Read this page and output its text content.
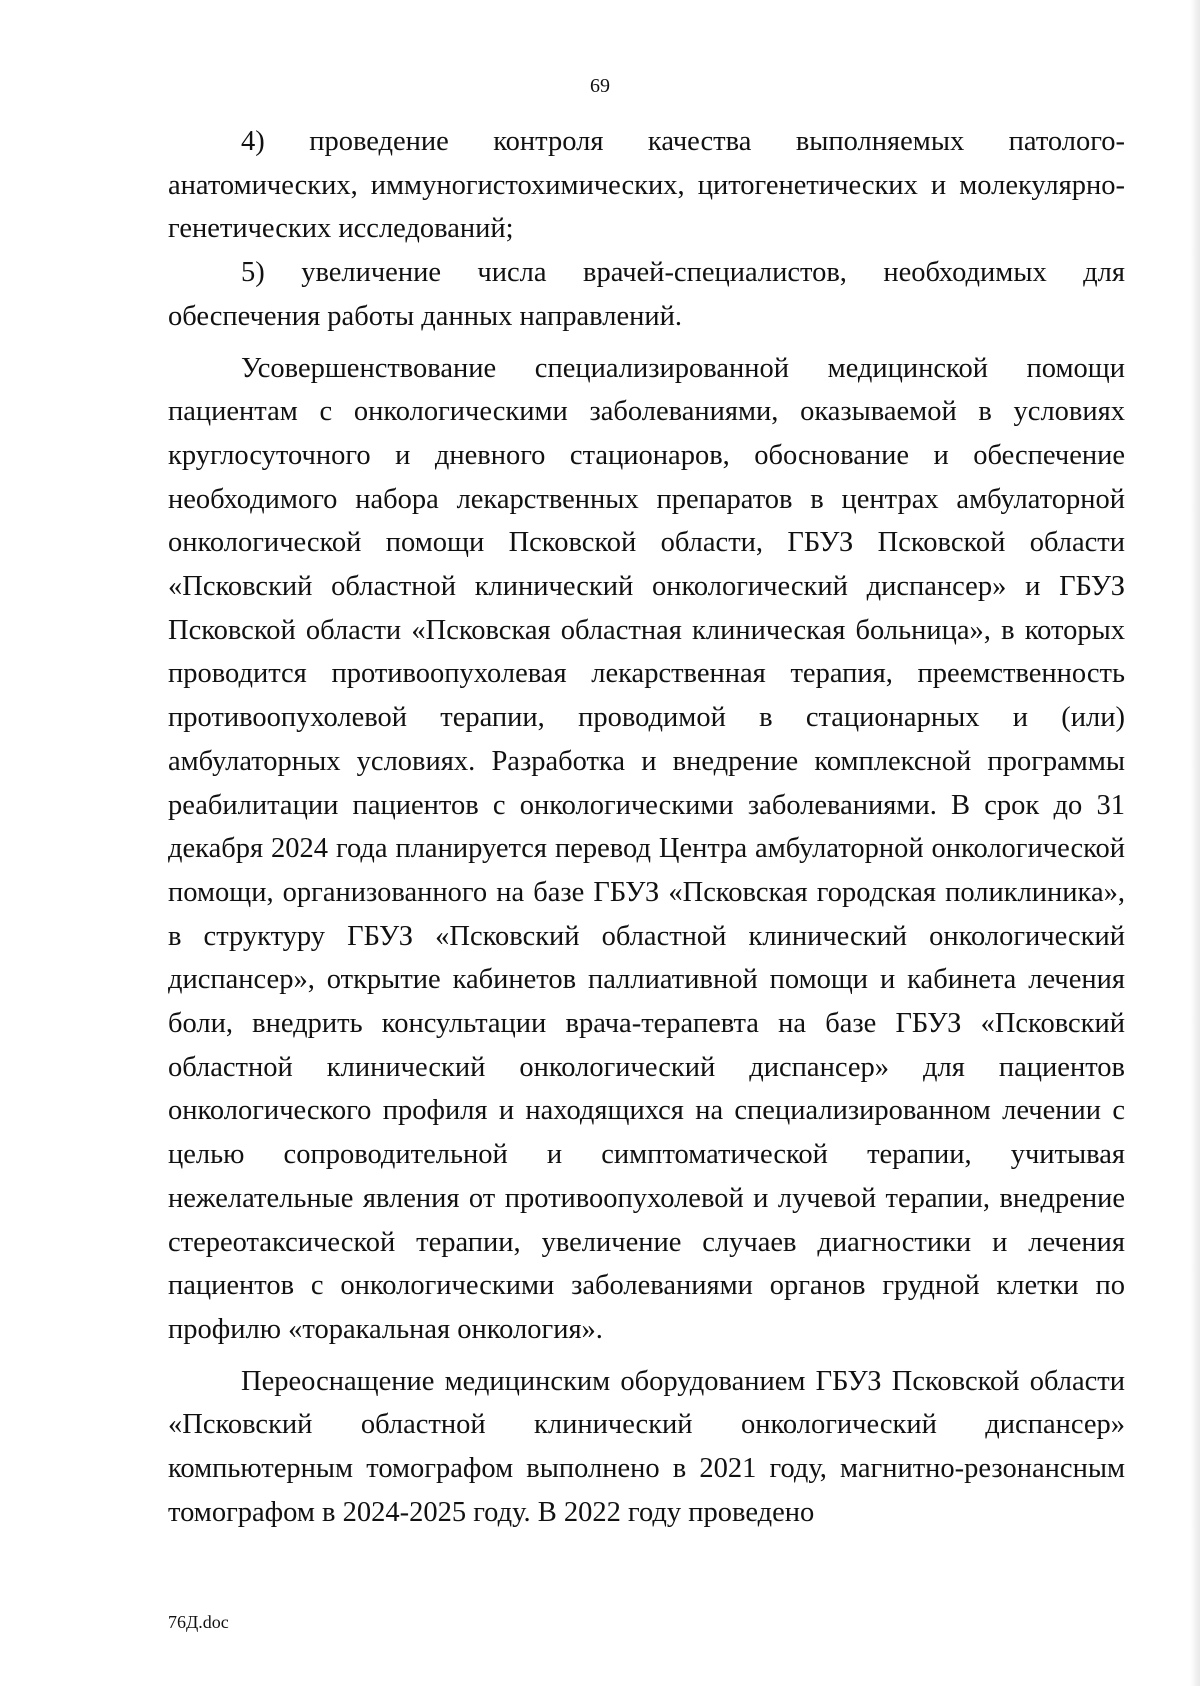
69

4) проведение контроля качества выполняемых патолого-анатомических, иммуногистохимических, цитогенетических и молекулярно-генетических исследований;

5) увеличение числа врачей-специалистов, необходимых для обеспечения работы данных направлений.

Усовершенствование специализированной медицинской помощи пациентам с онкологическими заболеваниями, оказываемой в условиях круглосуточного и дневного стационаров, обоснование и обеспечение необходимого набора лекарственных препаратов в центрах амбулаторной онкологической помощи Псковской области, ГБУЗ Псковской области «Псковский областной клинический онкологический диспансер» и ГБУЗ Псковской области «Псковская областная клиническая больница», в которых проводится противоопухолевая лекарственная терапия, преемственность противоопухолевой терапии, проводимой в стационарных и (или) амбулаторных условиях. Разработка и внедрение комплексной программы реабилитации пациентов с онкологическими заболеваниями. В срок до 31 декабря 2024 года планируется перевод Центра амбулаторной онкологической помощи, организованного на базе ГБУЗ «Псковская городская поликлиника», в структуру ГБУЗ «Псковский областной клинический онкологический диспансер», открытие кабинетов паллиативной помощи и кабинета лечения боли, внедрить консультации врача-терапевта на базе ГБУЗ «Псковский областной клинический онкологический диспансер» для пациентов онкологического профиля и находящихся на специализированном лечении с целью сопроводительной и симптоматической терапии, учитывая нежелательные явления от противоопухолевой и лучевой терапии, внедрение стереотаксической терапии, увеличение случаев диагностики и лечения пациентов с онкологическими заболеваниями органов грудной клетки по профилю «торакальная онкология».

Переоснащение медицинским оборудованием ГБУЗ Псковской области «Псковский областной клинический онкологический диспансер» компьютерным томографом выполнено в 2021 году, магнитно-резонансным томографом в 2024-2025 году. В 2022 году проведено

76Д.doc
